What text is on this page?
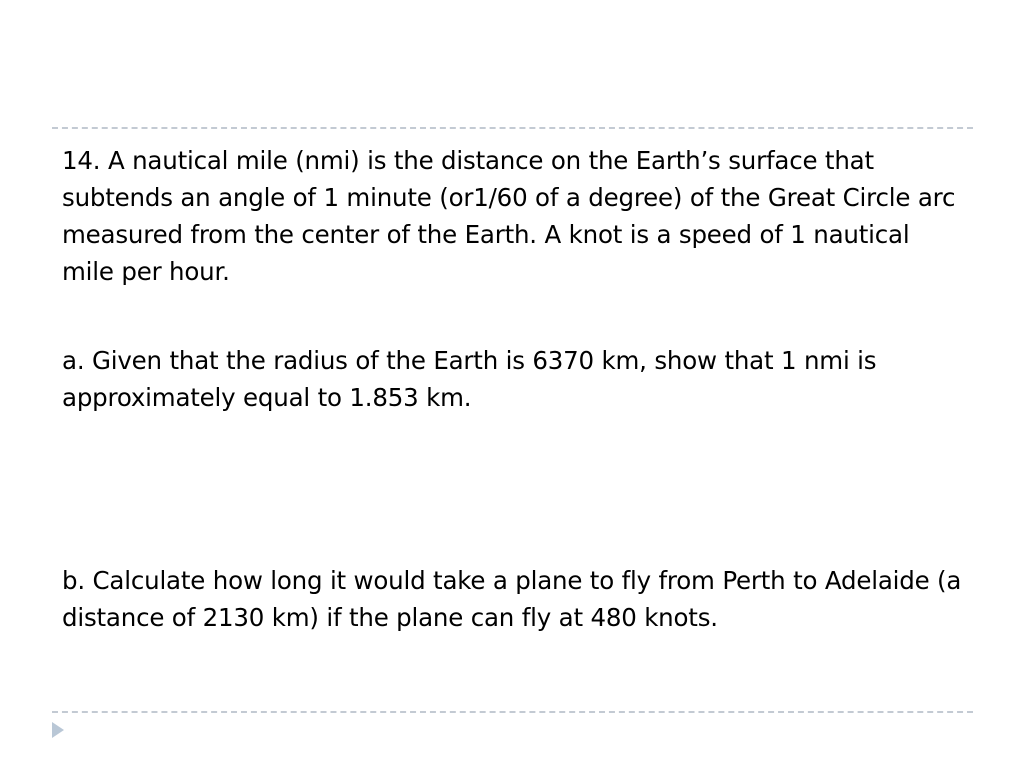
14. A nautical mile (nmi) is the distance on the Earth’s surface that subtends an angle of 1 minute (or1/60 of a degree) of the Great Circle arc measured from the center of the Earth. A knot is a speed of 1 nautical mile per hour.

a. Given that the radius of the Earth is 6370 km, show that 1 nmi is approximately equal to 1.853 km.

b. Calculate how long it would take a plane to fly from Perth to Adelaide (a distance of 2130 km) if the plane can fly at 480 knots.
